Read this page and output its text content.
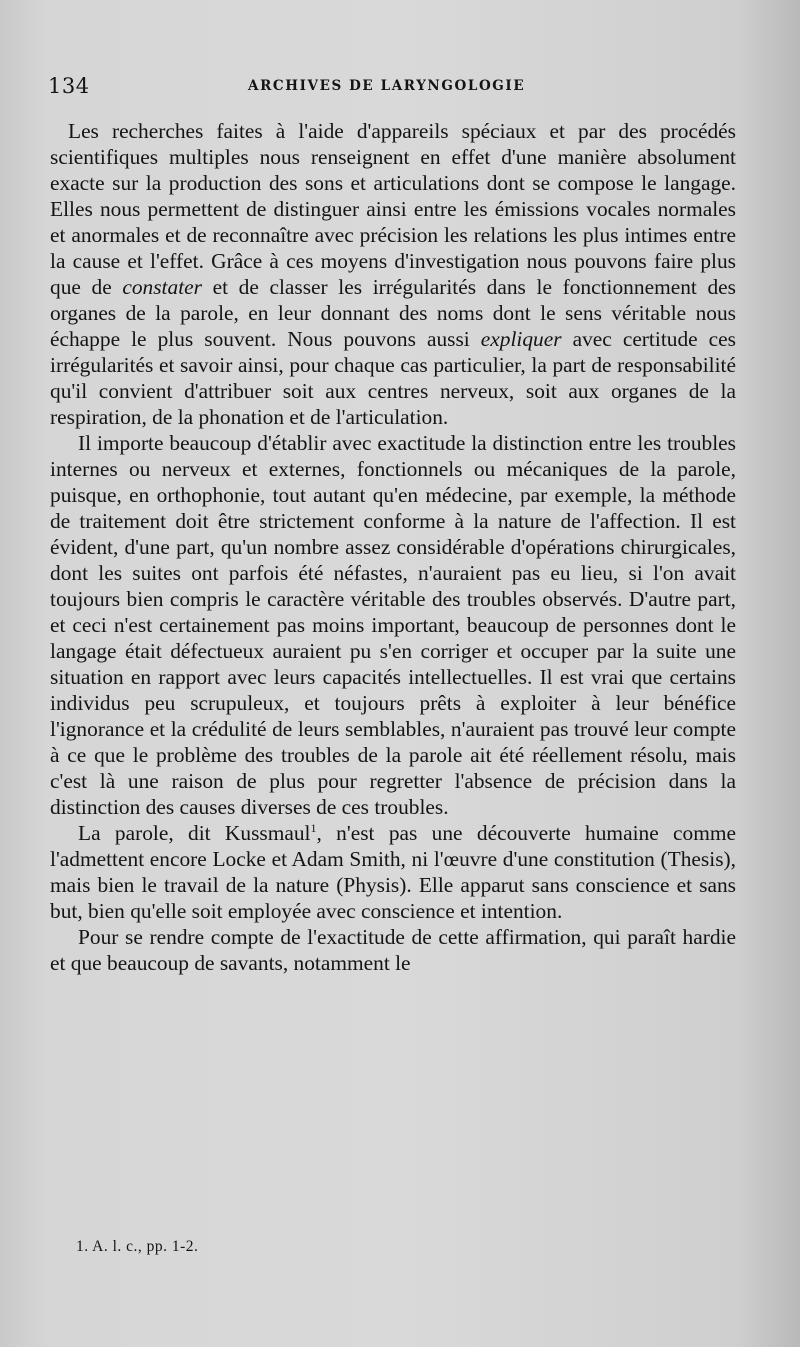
134	ARCHIVES DE LARYNGOLOGIE

Les recherches faites à l'aide d'appareils spéciaux et par des procédés scientifiques multiples nous renseignent en effet d'une manière absolument exacte sur la production des sons et articulations dont se compose le langage. Elles nous permettent de distinguer ainsi entre les émissions vocales normales et anormales et de reconnaître avec précision les relations les plus intimes entre la cause et l'effet. Grâce à ces moyens d'investigation nous pouvons faire plus que de constater et de classer les irrégularités dans le fonctionnement des organes de la parole, en leur donnant des noms dont le sens véritable nous échappe le plus souvent. Nous pouvons aussi expliquer avec certitude ces irrégularités et savoir ainsi, pour chaque cas particulier, la part de responsabilité qu'il convient d'attribuer soit aux centres nerveux, soit aux organes de la respiration, de la phonation et de l'articulation.

Il importe beaucoup d'établir avec exactitude la distinction entre les troubles internes ou nerveux et externes, fonctionnels ou mécaniques de la parole, puisque, en orthophonie, tout autant qu'en médecine, par exemple, la méthode de traitement doit être strictement conforme à la nature de l'affection. Il est évident, d'une part, qu'un nombre assez considérable d'opérations chirurgicales, dont les suites ont parfois été néfastes, n'auraient pas eu lieu, si l'on avait toujours bien compris le caractère véritable des troubles observés. D'autre part, et ceci n'est certainement pas moins important, beaucoup de personnes dont le langage était défectueux auraient pu s'en corriger et occuper par la suite une situation en rapport avec leurs capacités intellectuelles. Il est vrai que certains individus peu scrupuleux, et toujours prêts à exploiter à leur bénéfice l'ignorance et la crédulité de leurs semblables, n'auraient pas trouvé leur compte à ce que le problème des troubles de la parole ait été réellement résolu, mais c'est là une raison de plus pour regretter l'absence de précision dans la distinction des causes diverses de ces troubles.

La parole, dit Kussmaul$^1$, n'est pas une découverte humaine comme l'admettent encore Locke et Adam Smith, ni l'œuvre d'une constitution (Thesis), mais bien le travail de la nature (Physis). Elle apparut sans conscience et sans but, bien qu'elle soit employée avec conscience et intention.

Pour se rendre compte de l'exactitude de cette affirmation, qui paraît hardie et que beaucoup de savants, notamment le

1. A. l. c., pp. 1-2.
